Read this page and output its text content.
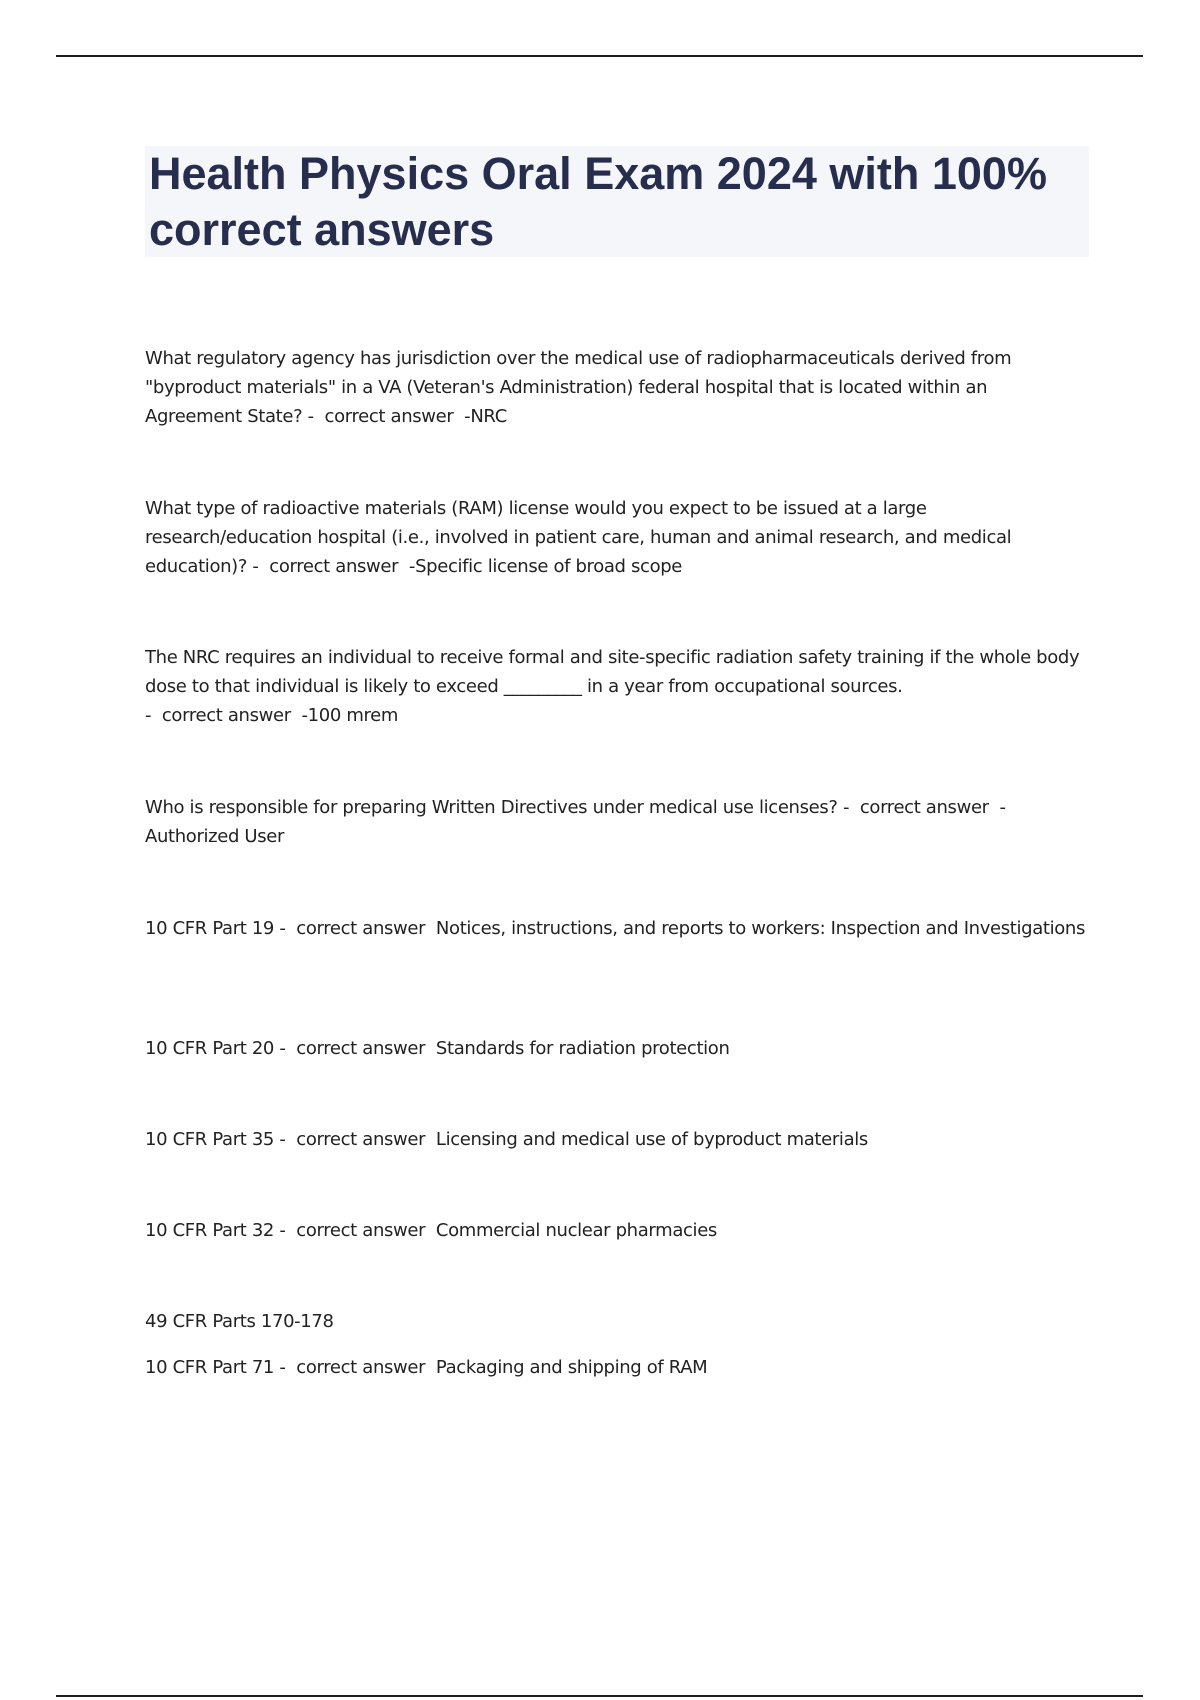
Health Physics Oral Exam 2024 with 100% correct answers

What regulatory agency has jurisdiction over the medical use of radiopharmaceuticals derived from "byproduct materials" in a VA (Veteran's Administration) federal hospital that is located within an Agreement State? -  correct answer  -NRC

What type of radioactive materials (RAM) license would you expect to be issued at a large research/education hospital (i.e., involved in patient care, human and animal research, and medical education)? -  correct answer  -Specific license of broad scope

The NRC requires an individual to receive formal and site-specific radiation safety training if the whole body dose to that individual is likely to exceed _________ in a year from occupational sources. -  correct answer  -100 mrem

Who is responsible for preparing Written Directives under medical use licenses? -  correct answer  -Authorized User

10 CFR Part 19 -  correct answer  Notices, instructions, and reports to workers: Inspection and Investigations

10 CFR Part 20 -  correct answer  Standards for radiation protection

10 CFR Part 35 -  correct answer  Licensing and medical use of byproduct materials

10 CFR Part 32 -  correct answer  Commercial nuclear pharmacies

49 CFR Parts 170-178

10 CFR Part 71 -  correct answer  Packaging and shipping of RAM
